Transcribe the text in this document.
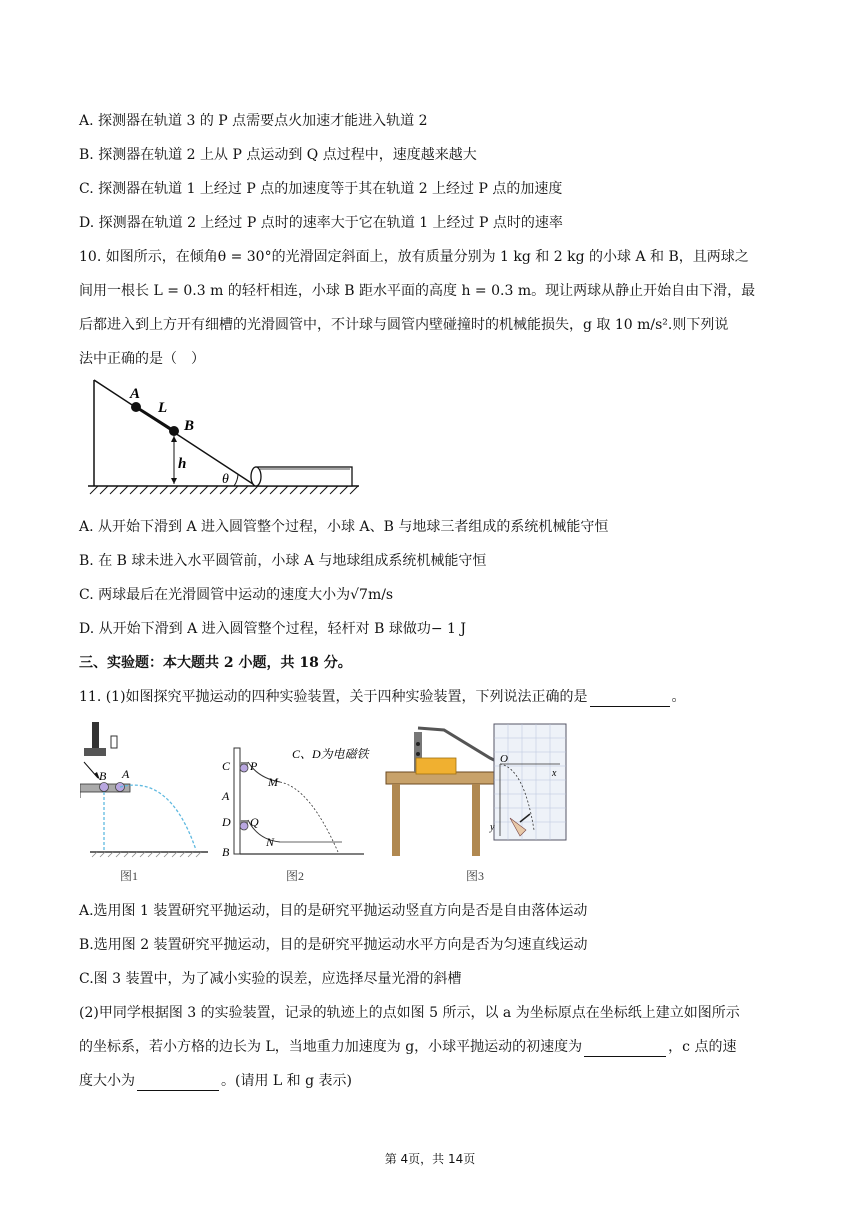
A. 探测器在轨道 3 的 P 点需要点火加速才能进入轨道 2
B. 探测器在轨道 2 上从 P 点运动到 Q 点过程中，速度越来越大
C. 探测器在轨道 1 上经过 P 点的加速度等于其在轨道 2 上经过 P 点的加速度
D. 探测器在轨道 2 上经过 P 点时的速率大于它在轨道 1 上经过 P 点时的速率
10. 如图所示，在倾角θ = 30°的光滑固定斜面上，放有质量分别为 1 kg 和 2 kg 的小球 A 和 B，且两球之
间用一根长 L = 0.3 m 的轻杆相连，小球 B 距水平面的高度 h = 0.3 m。现让两球从静止开始自由下滑，最
后都进入到上方开有细槽的光滑圆管中，不计球与圆管内壁碰撞时的机械能损失，g 取 10 m/s².则下列说
法中正确的是（　）
A
L
B
h
θ
A. 从开始下滑到 A 进入圆管整个过程，小球 A、B 与地球三者组成的系统机械能守恒
B. 在 B 球未进入水平圆管前，小球 A 与地球组成系统机械能守恒
C. 两球最后在光滑圆管中运动的速度大小为√7m/s
D. 从开始下滑到 A 进入圆管整个过程，轻杆对 B 球做功− 1 J
三、实验题：本大题共 2 小题，共 18 分。
11. (1)如图探究平抛运动的四种实验装置，关于四种实验装置，下列说法正确的是	。
B A
图1
C、D为电磁铁
C P
M
A
D Q
N
B
图2
O
x
y
图3
A.选用图 1 装置研究平抛运动，目的是研究平抛运动竖直方向是否是自由落体运动
B.选用图 2 装置研究平抛运动，目的是研究平抛运动水平方向是否为匀速直线运动
C.图 3 装置中，为了减小实验的误差，应选择尽量光滑的斜槽
(2)甲同学根据图 3 的实验装置，记录的轨迹上的点如图 5 所示，以 a 为坐标原点在坐标纸上建立如图所示
的坐标系，若小方格的边长为 L，当地重力加速度为 g，小球平抛运动的初速度为	，c 点的速
度大小为	。(请用 L 和 g 表示)
第 4页，共 14页
